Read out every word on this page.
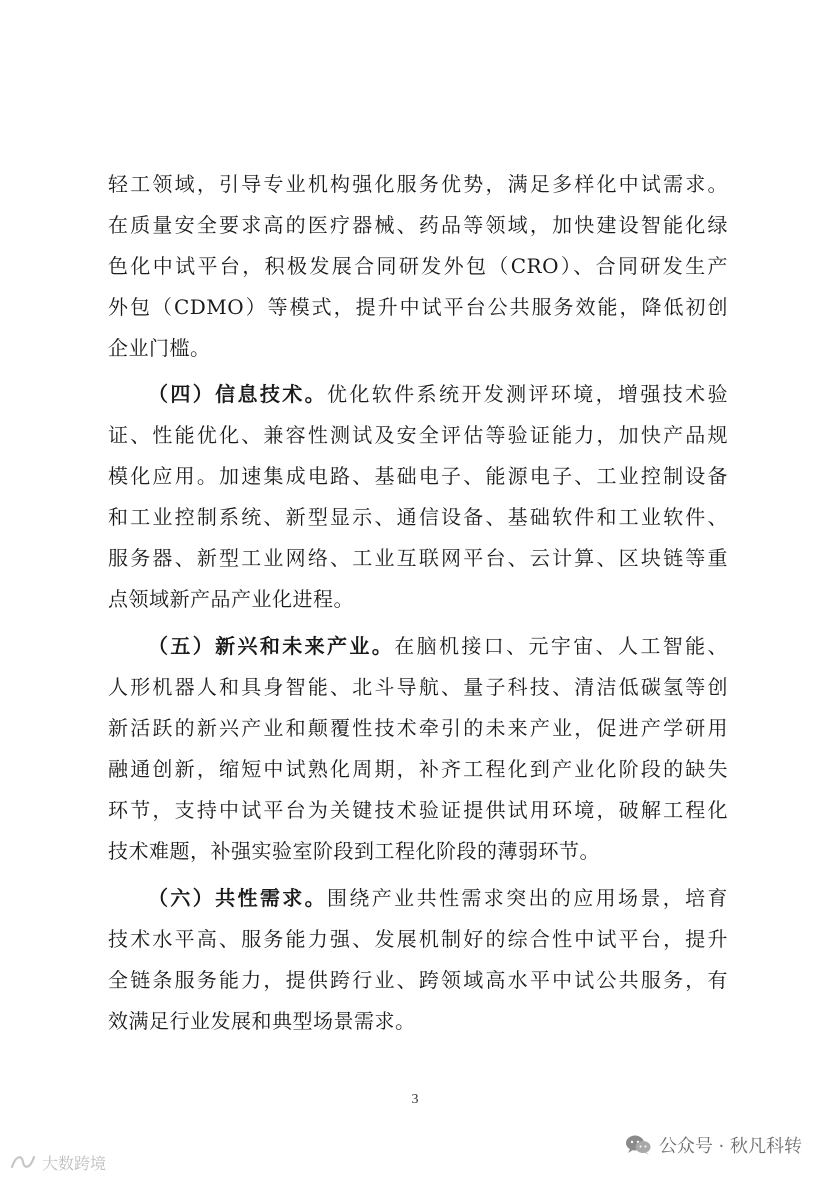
轻工领域，引导专业机构强化服务优势，满足多样化中试需求。
在质量安全要求高的医疗器械、药品等领域，加快建设智能化绿
色化中试平台，积极发展合同研发外包（CRO）、合同研发生产
外包（CDMO）等模式，提升中试平台公共服务效能，降低初创
企业门槛。
（四）信息技术。优化软件系统开发测评环境，增强技术验
证、性能优化、兼容性测试及安全评估等验证能力，加快产品规
模化应用。加速集成电路、基础电子、能源电子、工业控制设备
和工业控制系统、新型显示、通信设备、基础软件和工业软件、
服务器、新型工业网络、工业互联网平台、云计算、区块链等重
点领域新产品产业化进程。
（五）新兴和未来产业。在脑机接口、元宇宙、人工智能、
人形机器人和具身智能、北斗导航、量子科技、清洁低碳氢等创
新活跃的新兴产业和颠覆性技术牵引的未来产业，促进产学研用
融通创新，缩短中试熟化周期，补齐工程化到产业化阶段的缺失
环节，支持中试平台为关键技术验证提供试用环境，破解工程化
技术难题，补强实验室阶段到工程化阶段的薄弱环节。
（六）共性需求。围绕产业共性需求突出的应用场景，培育
技术水平高、服务能力强、发展机制好的综合性中试平台，提升
全链条服务能力，提供跨行业、跨领域高水平中试公共服务，有
效满足行业发展和典型场景需求。
3
大数跨境
公众号 · 秋凡科转
